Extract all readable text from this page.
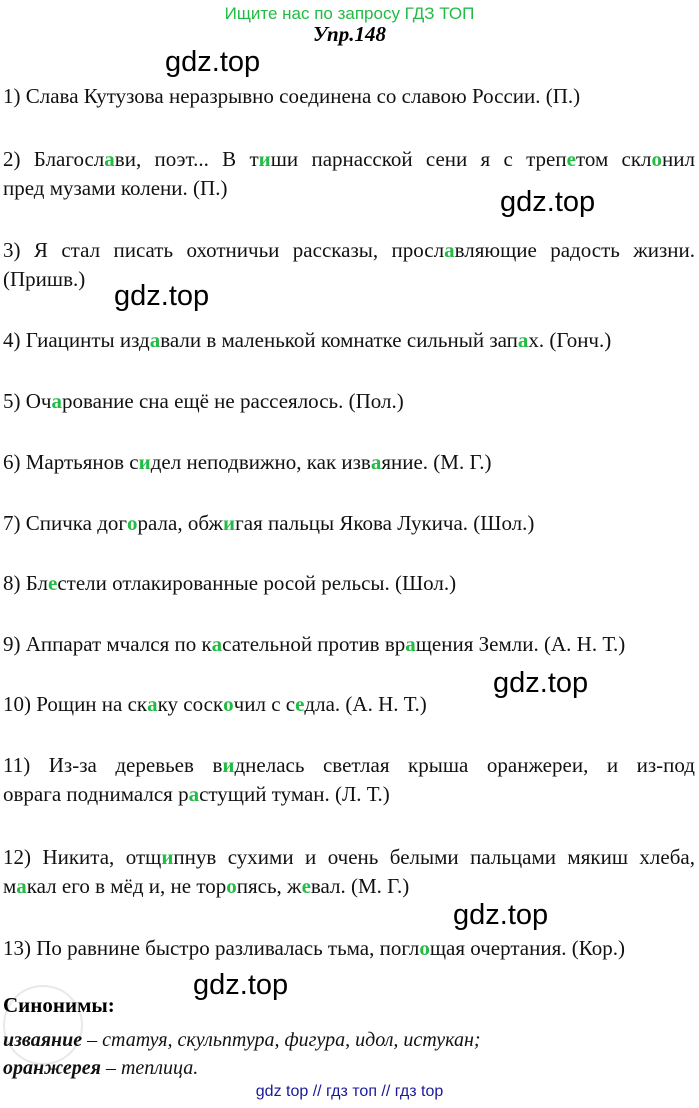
Ищите нас по запросу ГДЗ ТОП
Упр.148
1) Слава Кутузова неразрывно соединена со славою России. (П.)
2) Благослави, поэт... В тиши парнасской сени я с трепетом склонил
пред музами колени. (П.)
3) Я стал писать охотничьи рассказы, прославляющие радость жизни.
(Пришв.)
4) Гиацинты издавали в маленькой комнатке сильный запах. (Гонч.)
5) Очарование сна ещё не рассеялось. (Пол.)
6) Мартьянов сидел неподвижно, как изваяние. (М. Г.)
7) Спичка догорала, обжигая пальцы Якова Лукича. (Шол.)
8) Блестели отлакированные росой рельсы. (Шол.)
9) Аппарат мчался по касательной против вращения Земли. (А. Н. Т.)
10) Рощин на скаку соскочил с седла. (А. Н. Т.)
11) Из-за деревьев виднелась светлая крыша оранжереи, и из-под
оврага поднимался растущий туман. (Л. Т.)
12) Никита, отщипнув сухими и очень белыми пальцами мякиш хлеба,
макал его в мёд и, не торопясь, жевал. (М. Г.)
13) По равнине быстро разливалась тьма, поглощая очертания. (Кор.)
gdz.top
gdz.top
gdz.top
gdz.top
gdz.top
gdz.top
Синонимы:
изваяние – статуя, скульптура, фигура, идол, истукан;
оранжерея – теплица.
gdz top // гдз топ // гдз top
